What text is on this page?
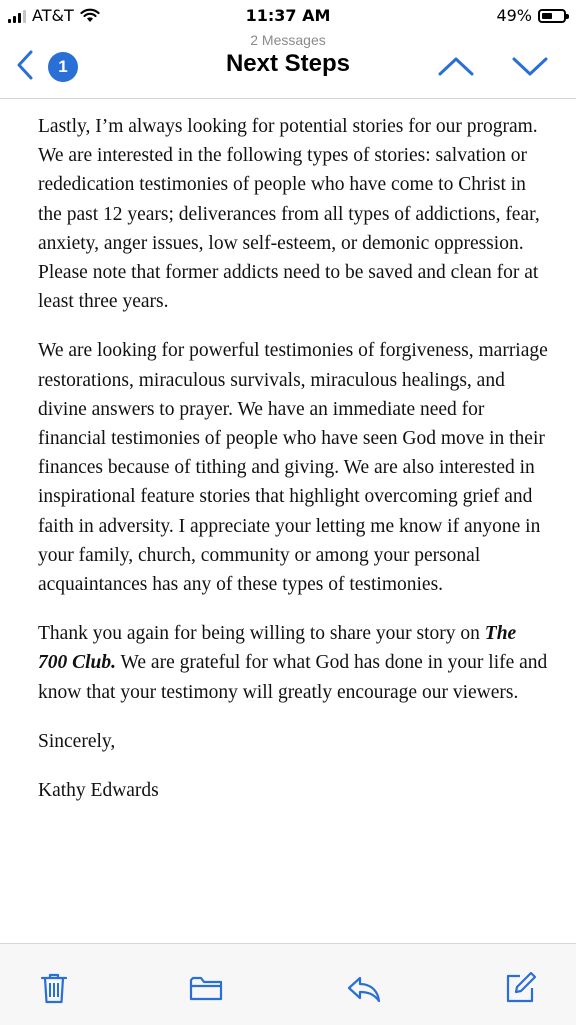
AT&T	11:37 AM	49%
1
2 Messages
Next Steps

Lastly, I’m always looking for potential stories for our program. We are interested in the following types of stories: salvation or rededication testimonies of people who have come to Christ in the past 12 years; deliverances from all types of addictions, fear, anxiety, anger issues, low self-esteem, or demonic oppression. Please note that former addicts need to be saved and clean for at least three years.

We are looking for powerful testimonies of forgiveness, marriage restorations, miraculous survivals, miraculous healings, and divine answers to prayer. We have an immediate need for financial testimonies of people who have seen God move in their finances because of tithing and giving. We are also interested in inspirational feature stories that highlight overcoming grief and faith in adversity. I appreciate your letting me know if anyone in your family, church, community or among your personal acquaintances has any of these types of testimonies.

Thank you again for being willing to share your story on The 700 Club. We are grateful for what God has done in your life and know that your testimony will greatly encourage our viewers.

Sincerely,

Kathy Edwards
